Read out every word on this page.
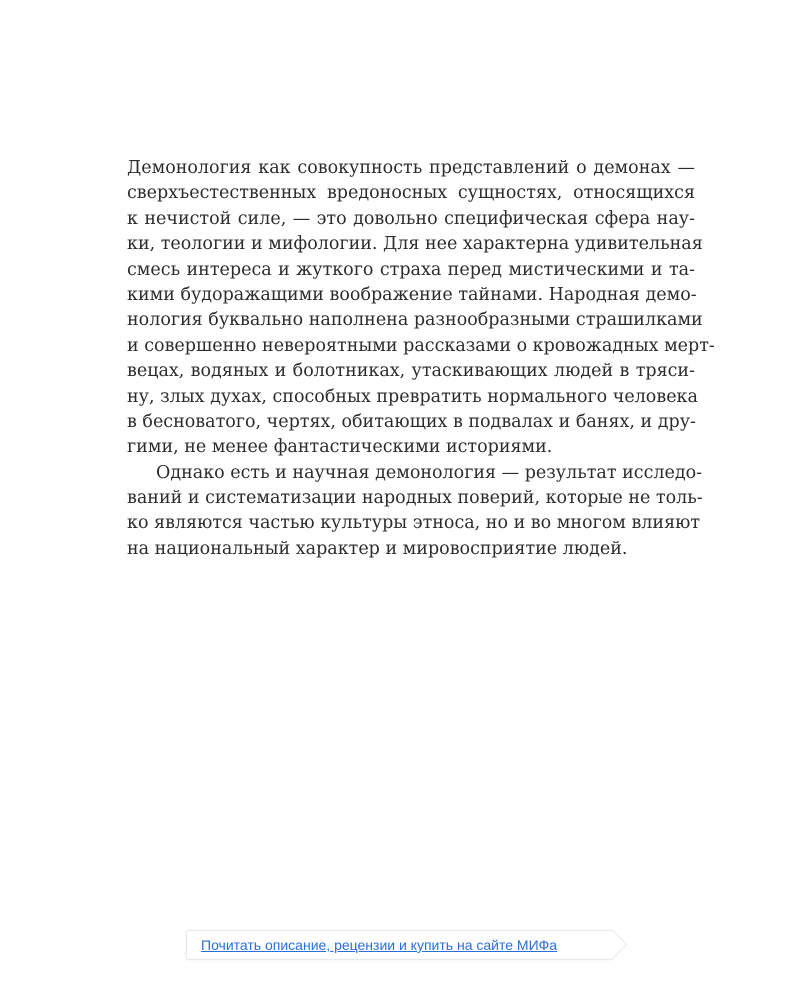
Демонология как совокупность представлений о демонах —
сверхъестественных вредоносных сущностях, относящихся
к нечистой силе, — это довольно специфическая сфера нау-
ки, теологии и мифологии. Для нее характерна удивительная
смесь интереса и жуткого страха перед мистическими и та-
кими будоражащими воображение тайнами. Народная демо-
нология буквально наполнена разнообразными страшилками
и совершенно невероятными рассказами о кровожадных мерт-
вецах, водяных и болотниках, утаскивающих людей в тряси-
ну, злых духах, способных превратить нормального человека
в бесноватого, чертях, обитающих в подвалах и банях, и дру-
гими, не менее фантастическими историями.
Однако есть и научная демонология — результат исследо-
ваний и систематизации народных поверий, которые не толь-
ко являются частью культуры этноса, но и во многом влияют
на национальный характер и мировосприятие людей.
Почитать описание, рецензии и купить на сайте МИФа
